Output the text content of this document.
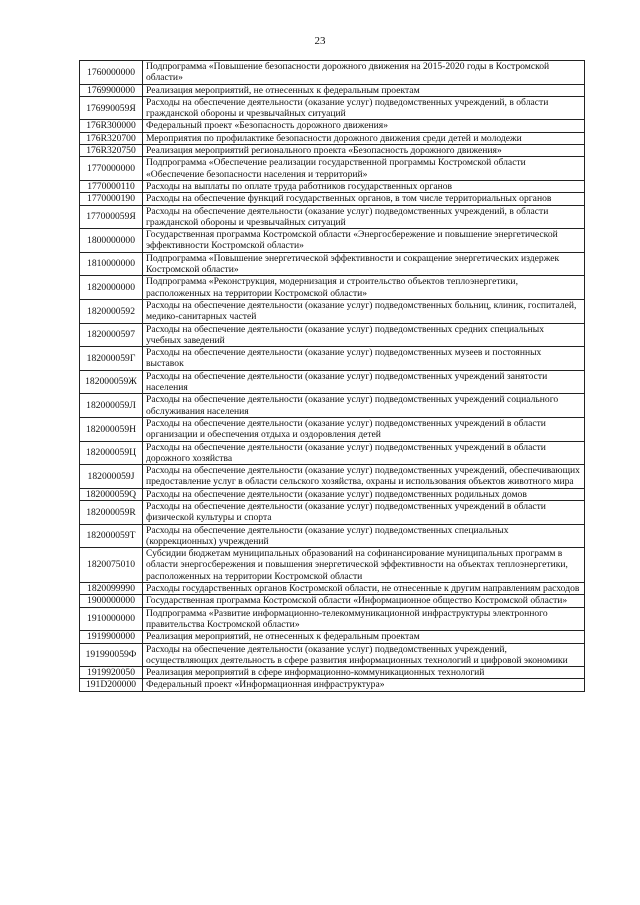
23
1760000000	Подпрограмма «Повышение безопасности дорожного движения на 2015-2020 годы в Костромской области»
1769900000	Реализация мероприятий, не отнесенных к федеральным проектам
176990059Я	Расходы на обеспечение деятельности (оказание услуг) подведомственных учреждений, в области гражданской обороны и чрезвычайных ситуаций
176R300000	Федеральный проект «Безопасность дорожного движения»
176R320700	Мероприятия по профилактике безопасности дорожного движения среди детей и молодежи
176R320750	Реализация мероприятий регионального проекта «Безопасность дорожного движения»
1770000000	Подпрограмма «Обеспечение реализации государственной программы Костромской области «Обеспечение безопасности населения и территорий»
1770000110	Расходы на выплаты по оплате труда работников государственных органов
1770000190	Расходы на обеспечение функций государственных органов, в том числе территориальных органов
177000059Я	Расходы на обеспечение деятельности (оказание услуг) подведомственных учреждений, в области гражданской обороны и чрезвычайных ситуаций
1800000000	Государственная программа Костромской области «Энергосбережение и повышение энергетической эффективности Костромской области»
1810000000	Подпрограмма «Повышение энергетической эффективности и сокращение энергетических издержек Костромской области»
1820000000	Подпрограмма «Реконструкция, модернизация и строительство объектов теплоэнергетики, расположенных на территории Костромской области»
1820000592	Расходы на обеспечение деятельности (оказание услуг) подведомственных больниц, клиник, госпиталей, медико-санитарных частей
1820000597	Расходы на обеспечение деятельности (оказание услуг) подведомственных средних специальных учебных заведений
182000059Г	Расходы на обеспечение деятельности (оказание услуг) подведомственных музеев и постоянных выставок
182000059Ж	Расходы на обеспечение деятельности (оказание услуг) подведомственных учреждений занятости населения
182000059Л	Расходы на обеспечение деятельности (оказание услуг) подведомственных учреждений социального обслуживания населения
182000059Н	Расходы на обеспечение деятельности (оказание услуг) подведомственных учреждений в области организации и обеспечения отдыха и оздоровления детей
182000059Ц	Расходы на обеспечение деятельности (оказание услуг) подведомственных учреждений в области дорожного хозяйства
182000059Ј	Расходы на обеспечение деятельности (оказание услуг) подведомственных учреждений, обеспечивающих предоставление услуг в области сельского хозяйства, охраны и использования объектов животного мира
182000059Q	Расходы на обеспечение деятельности (оказание услуг) подведомственных родильных домов
182000059R	Расходы на обеспечение деятельности (оказание услуг) подведомственных учреждений в области физической культуры и спорта
182000059Т	Расходы на обеспечение деятельности (оказание услуг) подведомственных специальных (коррекционных) учреждений
1820075010	Субсидии бюджетам муниципальных образований на софинансирование муниципальных программ в области энергосбережения и повышения энергетической эффективности на объектах теплоэнергетики, расположенных на территории Костромской области
1820099990	Расходы государственных органов Костромской области, не отнесенные к другим направлениям расходов
1900000000	Государственная программа Костромской области «Информационное общество Костромской области»
1910000000	Подпрограмма «Развитие информационно-телекоммуникационной инфраструктуры электронного правительства Костромской области»
1919900000	Реализация мероприятий, не отнесенных к федеральным проектам
191990059Ф	Расходы на обеспечение деятельности (оказание услуг) подведомственных учреждений, осуществляющих деятельность в сфере развития информационных технологий и цифровой экономики
1919920050	Реализация мероприятий в сфере информационно-коммуникационных технологий
191D200000	Федеральный проект «Информационная инфраструктура»
